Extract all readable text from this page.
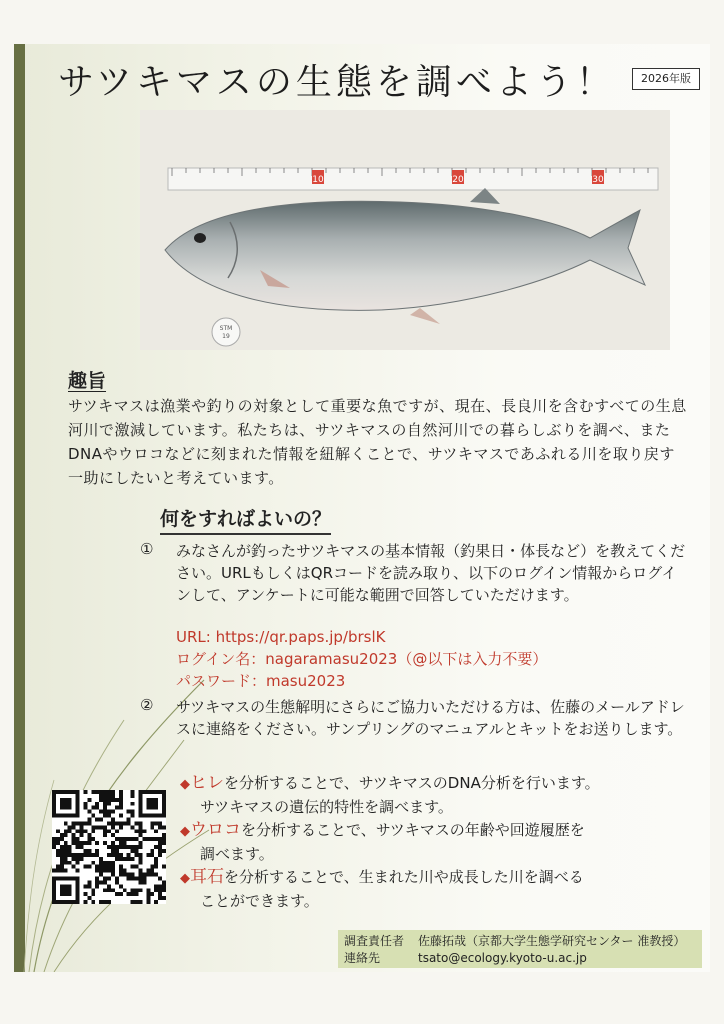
サツキマスの生態を調べよう！	2026年版
10	20	30
STM
19
趣旨
サツキマスは漁業や釣りの対象として重要な魚ですが、現在、長良川を含むすべての生息河川で激減しています。私たちは、サツキマスの自然河川での暮らしぶりを調べ、またDNAやウロコなどに刻まれた情報を紐解くことで、サツキマスであふれる川を取り戻す一助にしたいと考えています。
何をすればよいの？
① みなさんが釣ったサツキマスの基本情報（釣果日・体長など）を教えてください。URLもしくはQRコードを読み取り、以下のログイン情報からログインして、アンケートに可能な範囲で回答していただけます。
URL: https://qr.paps.jp/brslK
ログイン名：nagaramasu2023（@以下は入力不要）
パスワード：masu2023
② サツキマスの生態解明にさらにご協力いただける方は、佐藤のメールアドレスに連絡をください。サンプリングのマニュアルとキットをお送りします。
◆ヒレを分析することで、サツキマスのDNA分析を行います。
サツキマスの遺伝的特性を調べます。
◆ウロコを分析することで、サツキマスの年齢や回遊履歴を
調べます。
◆耳石を分析することで、生まれた川や成長した川を調べる
ことができます。
調査責任者	佐藤拓哉（京都大学生態学研究センター 准教授）
連絡先	tsato@ecology.kyoto-u.ac.jp
